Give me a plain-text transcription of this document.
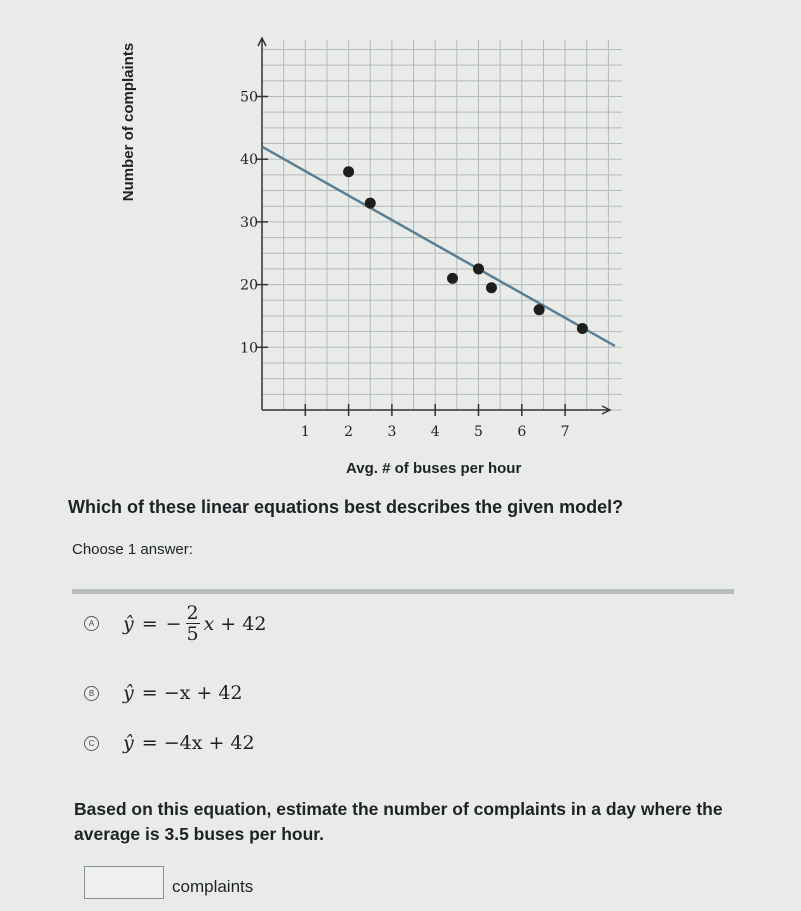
10
20
30
40
50
1 2 3 4 5 6 7
Number of complaints
Avg. # of buses per hour
Which of these linear equations best describes the given model?
Choose 1 answer:
A ŷ = − $\frac{2}{5}$ x + 42
B ŷ = −x + 42
C ŷ = −4x + 42
Based on this equation, estimate the number of complaints in a day where the average is 3.5 buses per hour.
complaints
